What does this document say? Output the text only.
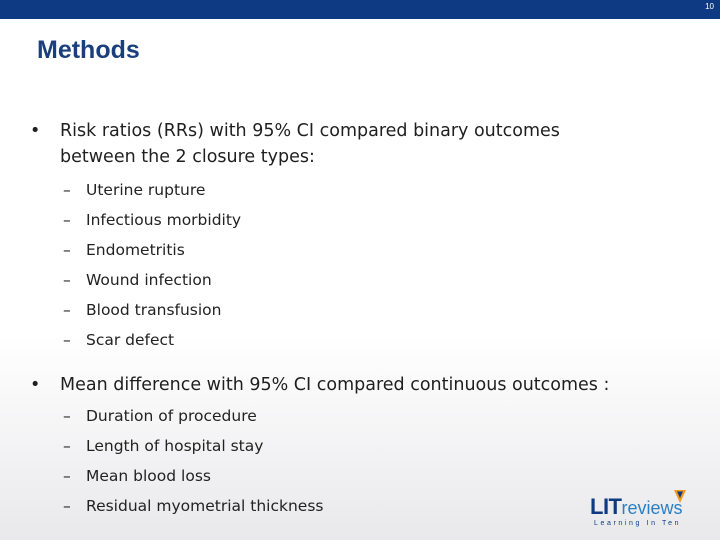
10
Methods
•	Risk ratios (RRs) with 95% CI compared binary outcomes between the 2 closure types:
– Uterine rupture
– Infectious morbidity
– Endometritis
– Wound infection
– Blood transfusion
– Scar defect
•	Mean difference with 95% CI compared continuous outcomes :
– Duration of procedure
– Length of hospital stay
– Mean blood loss
– Residual myometrial thickness	LITreviews
Learning In Ten
